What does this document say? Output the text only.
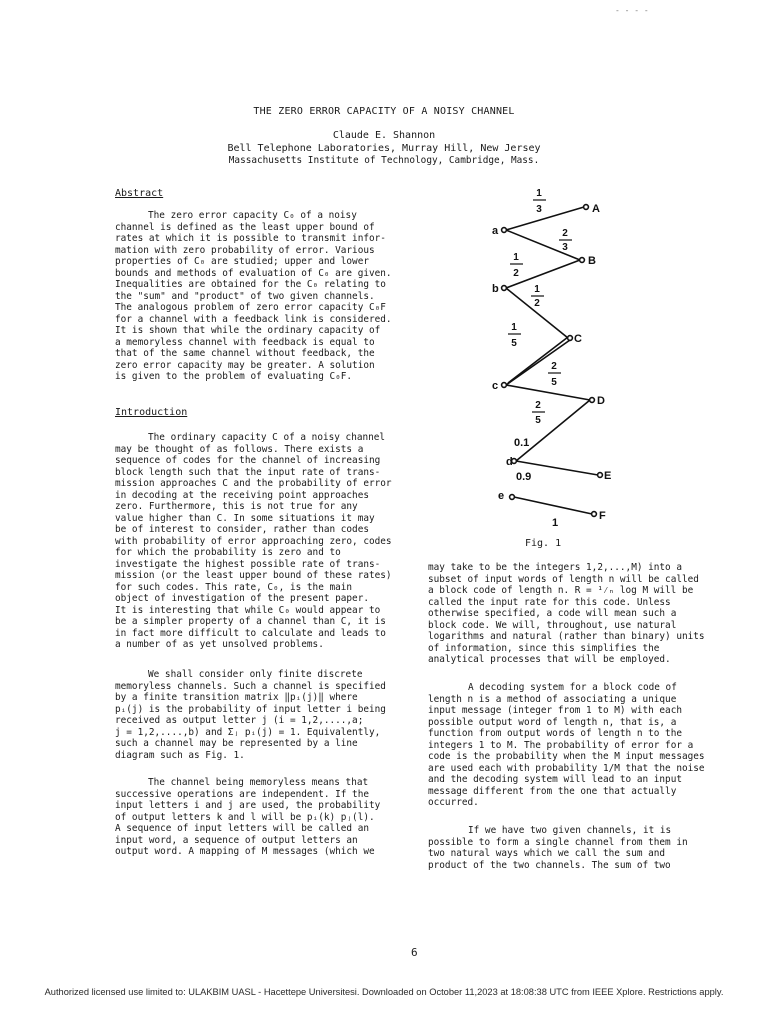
- - - -
THE ZERO ERROR CAPACITY OF A NOISY CHANNEL
Claude E. Shannon
Bell Telephone Laboratories, Murray Hill, New Jersey
Massachusetts Institute of Technology, Cambridge, Mass.
Abstract

The zero error capacity C₀ of a noisy
channel is defined as the least upper bound of
rates at which it is possible to transmit infor-
mation with zero probability of error. Various
properties of C₀ are studied; upper and lower
bounds and methods of evaluation of C₀ are given.
Inequalities are obtained for the C₀ relating to
the "sum" and "product" of two given channels.
The analogous problem of zero error capacity C₀F
for a channel with a feedback link is considered.
It is shown that while the ordinary capacity of
a memoryless channel with feedback is equal to
that of the same channel without feedback, the
zero error capacity may be greater. A solution
is given to the problem of evaluating C₀F.

Introduction

The ordinary capacity C of a noisy channel
may be thought of as follows. There exists a
sequence of codes for the channel of increasing
block length such that the input rate of trans-
mission approaches C and the probability of error
in decoding at the receiving point approaches
zero. Furthermore, this is not true for any
value higher than C. In some situations it may
be of interest to consider, rather than codes
with probability of error approaching zero, codes
for which the probability is zero and to
investigate the highest possible rate of trans-
mission (or the least upper bound of these rates)
for such codes. This rate, C₀, is the main
object of investigation of the present paper.
It is interesting that while C₀ would appear to
be a simpler property of a channel than C, it is
in fact more difficult to calculate and leads to
a number of as yet unsolved problems.

We shall consider only finite discrete
memoryless channels. Such a channel is specified
by a finite transition matrix ‖pᵢ(j)‖ where
pᵢ(j) is the probability of input letter i being
received as output letter j (i = 1,2,....,a;
j = 1,2,....,b) and Σⱼ pᵢ(j) = 1. Equivalently,
such a channel may be represented by a line
diagram such as Fig. 1.

The channel being memoryless means that
successive operations are independent. If the
input letters i and j are used, the probability
of output letters k and l will be pᵢ(k) pⱼ(l).
A sequence of input letters will be called an
input word, a sequence of output letters an
output word. A mapping of M messages (which we

a
b
c
d
e
A
B
C
D
E
F
1
3
2
3
1
2
1
2
1
5
2
5
2
5
0.1
0.9
1
Fig. 1

may take to be the integers 1,2,...,M) into a
subset of input words of length n will be called
a block code of length n. R = ¹⁄ₙ log M will be
called the input rate for this code. Unless
otherwise specified, a code will mean such a
block code. We will, throughout, use natural
logarithms and natural (rather than binary) units
of information, since this simplifies the
analytical processes that will be employed.

A decoding system for a block code of
length n is a method of associating a unique
input message (integer from 1 to M) with each
possible output word of length n, that is, a
function from output words of length n to the
integers 1 to M. The probability of error for a
code is the probability when the M input messages
are used each with probability 1/M that the noise
and the decoding system will lead to an input
message different from the one that actually
occurred.

If we have two given channels, it is
possible to form a single channel from them in
two natural ways which we call the sum and
product of the two channels. The sum of two

6
Authorized licensed use limited to: ULAKBIM UASL - Hacettepe Universitesi. Downloaded on October 11,2023 at 18:08:38 UTC from IEEE Xplore. Restrictions apply.
